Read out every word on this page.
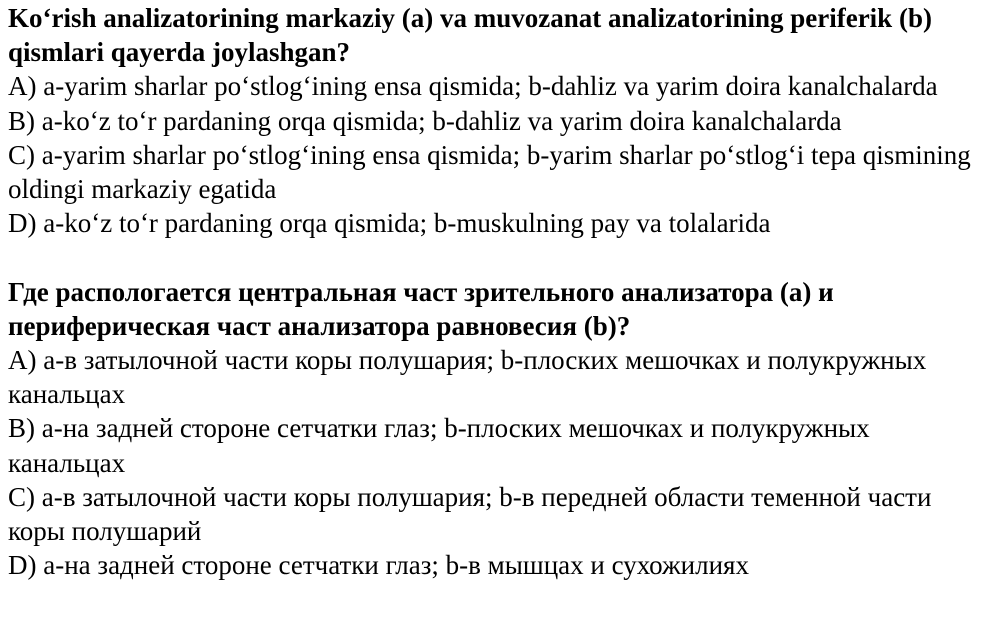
Ko‘rish analizatorining markaziy (a) va muvozanat analizatorining periferik (b) qismlari qayerda joylashgan?

A) a-yarim sharlar po‘stlog‘ining ensa qismida; b-dahliz va yarim doira kanalchalarda

B) a-ko‘z to‘r pardaning orqa qismida; b-dahliz va yarim doira kanalchalarda

C) a-yarim sharlar po‘stlog‘ining ensa qismida; b-yarim sharlar po‘stlog‘i tepa qismining oldingi markaziy egatida

D) a-ko‘z to‘r pardaning orqa qismida; b-muskulning pay va tolalarida

Где распологается центральная част зрительного анализатора (а) и периферическая част анализатора равновесия (b)?

А) а-в затылочной части коры полушария; b-плоских мешочках и полукружных канальцах

В) а-на задней стороне сетчатки глаз; b-плоских мешочках и полукружных канальцах

С) а-в затылочной части коры полушария; b-в передней области теменной части коры полушарий

D) а-на задней стороне сетчатки глаз; b-в мышцах и сухожилиях
